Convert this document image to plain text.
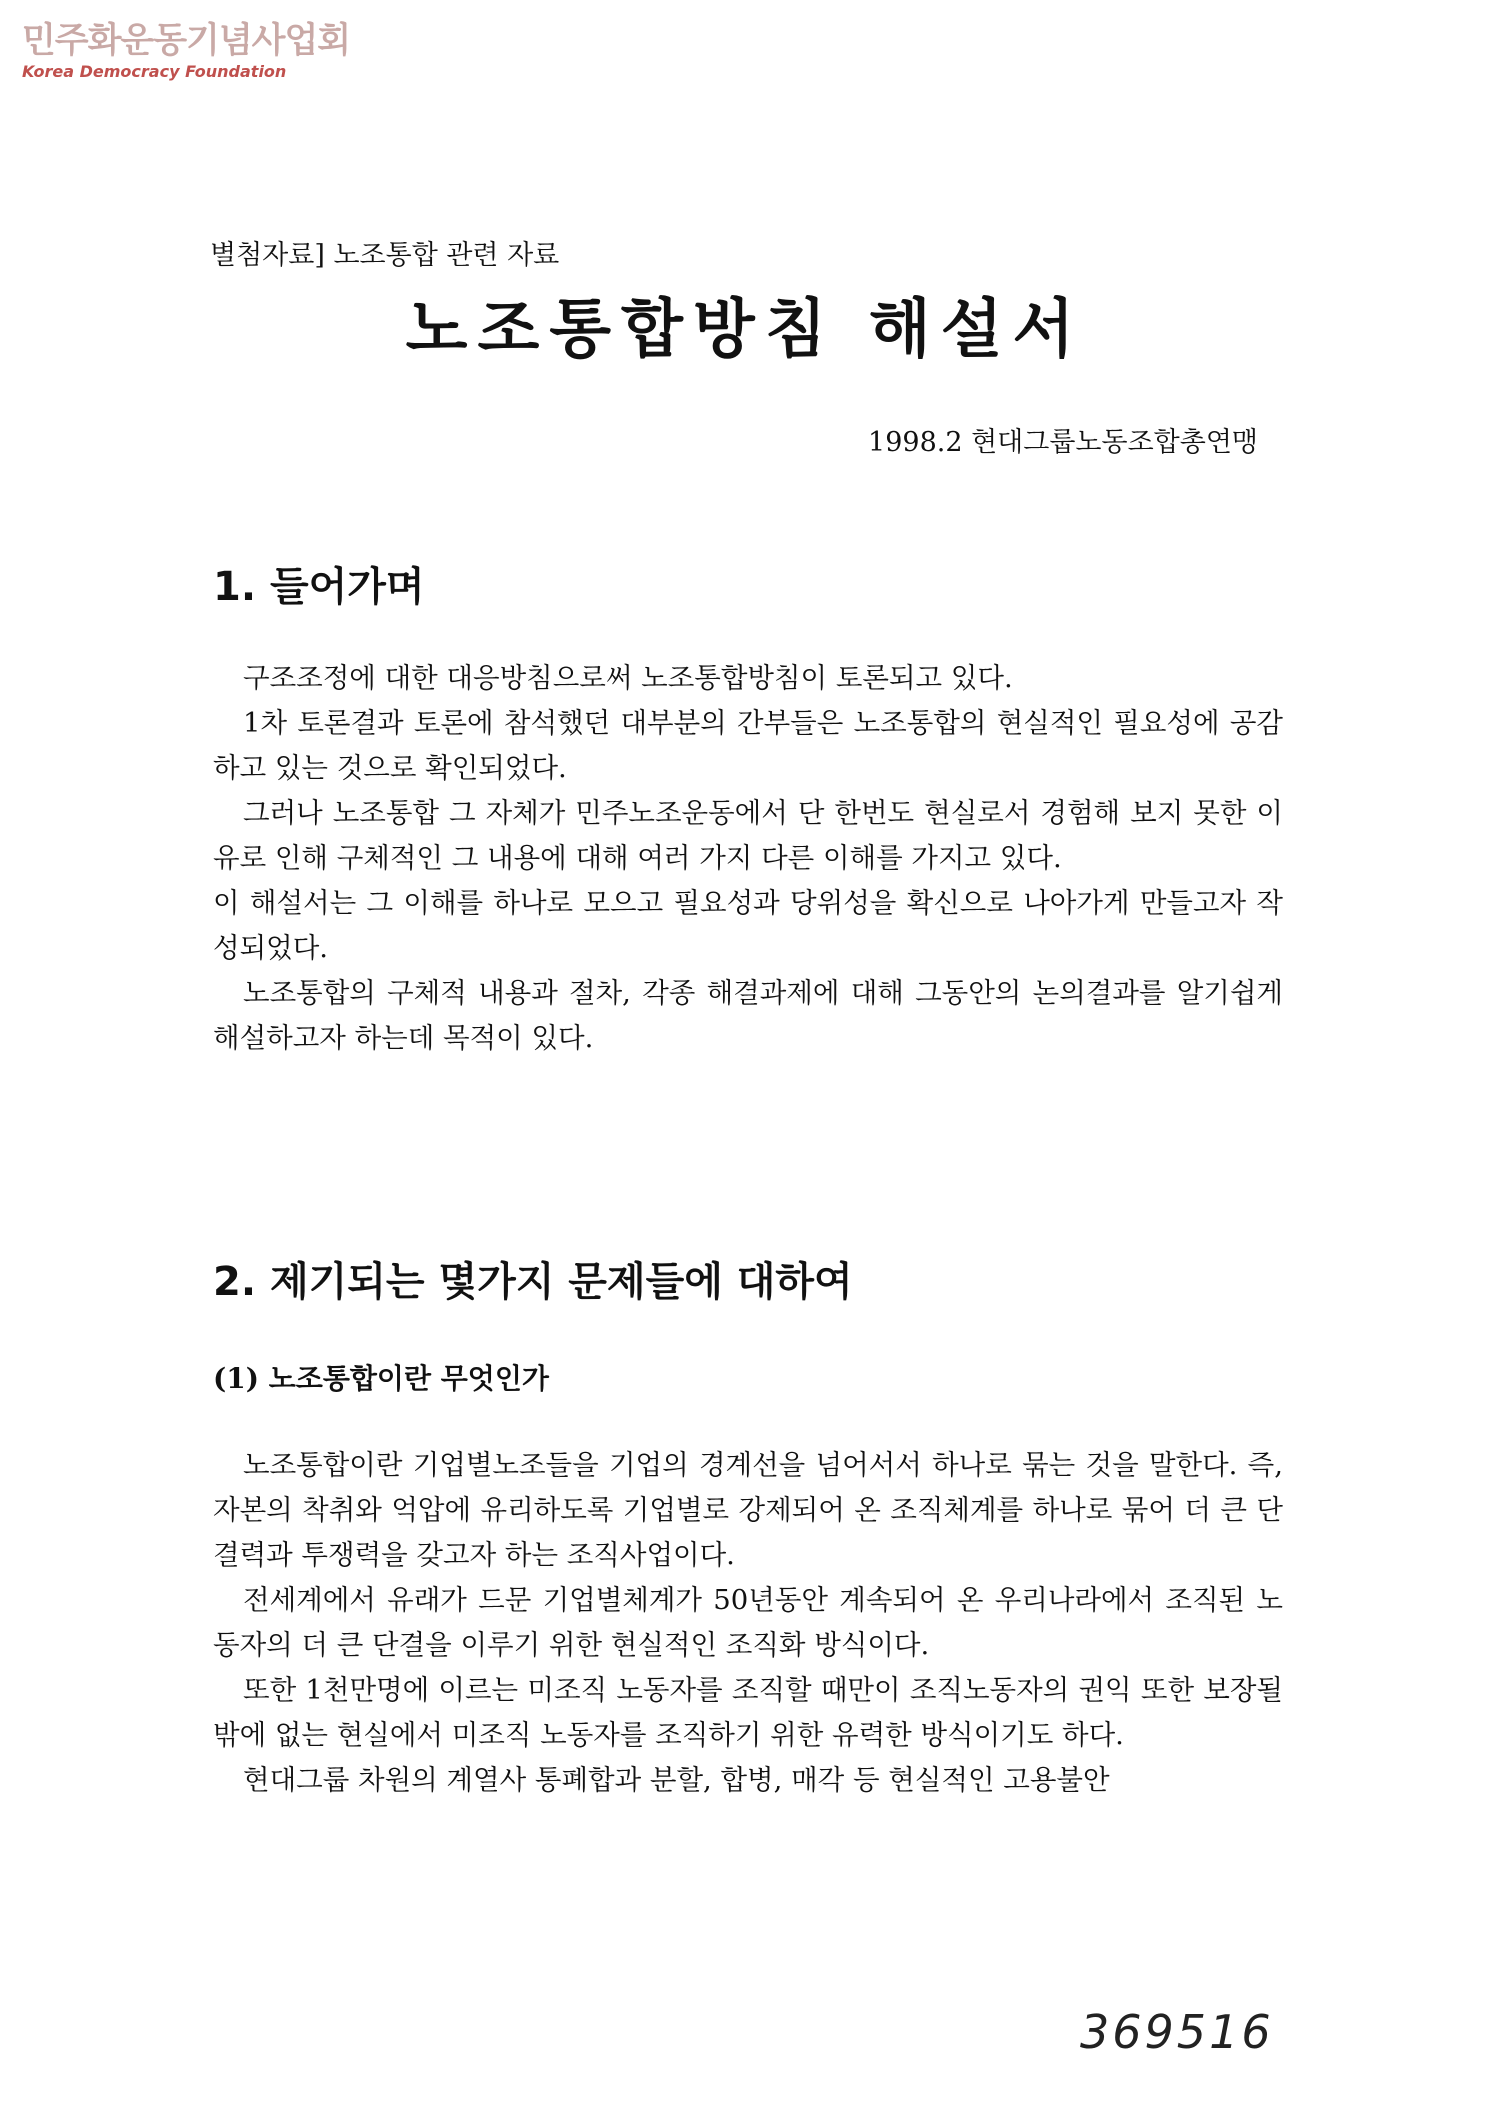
민주화운동기념사업회
Korea Democracy Foundation
별첨자료] 노조통합 관련 자료
노조통합방침 해설서
1998.2 현대그룹노동조합총연맹
1. 들어가며

구조조정에 대한 대응방침으로써 노조통합방침이 토론되고 있다.

1차 토론결과 토론에 참석했던 대부분의 간부들은 노조통합의 현실적인 필요성에 공감하고 있는 것으로 확인되었다.

그러나 노조통합 그 자체가 민주노조운동에서 단 한번도 현실로서 경험해 보지 못한 이유로 인해 구체적인 그 내용에 대해 여러 가지 다른 이해를 가지고 있다.

이 해설서는 그 이해를 하나로 모으고 필요성과 당위성을 확신으로 나아가게 만들고자 작성되었다.

노조통합의 구체적 내용과 절차, 각종 해결과제에 대해 그동안의 논의결과를 알기쉽게 해설하고자 하는데 목적이 있다.

2. 제기되는 몇가지 문제들에 대하여
(1) 노조통합이란 무엇인가

노조통합이란 기업별노조들을 기업의 경계선을 넘어서서 하나로 묶는 것을 말한다. 즉, 자본의 착취와 억압에 유리하도록 기업별로 강제되어 온 조직체계를 하나로 묶어 더 큰 단결력과 투쟁력을 갖고자 하는 조직사업이다.

전세계에서 유래가 드문 기업별체계가 50년동안 계속되어 온 우리나라에서 조직된 노동자의 더 큰 단결을 이루기 위한 현실적인 조직화 방식이다.

또한 1천만명에 이르는 미조직 노동자를 조직할 때만이 조직노동자의 권익 또한 보장될밖에 없는 현실에서 미조직 노동자를 조직하기 위한 유력한 방식이기도 하다.

현대그룹 차원의 계열사 통폐합과 분할, 합병, 매각 등 현실적인 고용불안

369516
